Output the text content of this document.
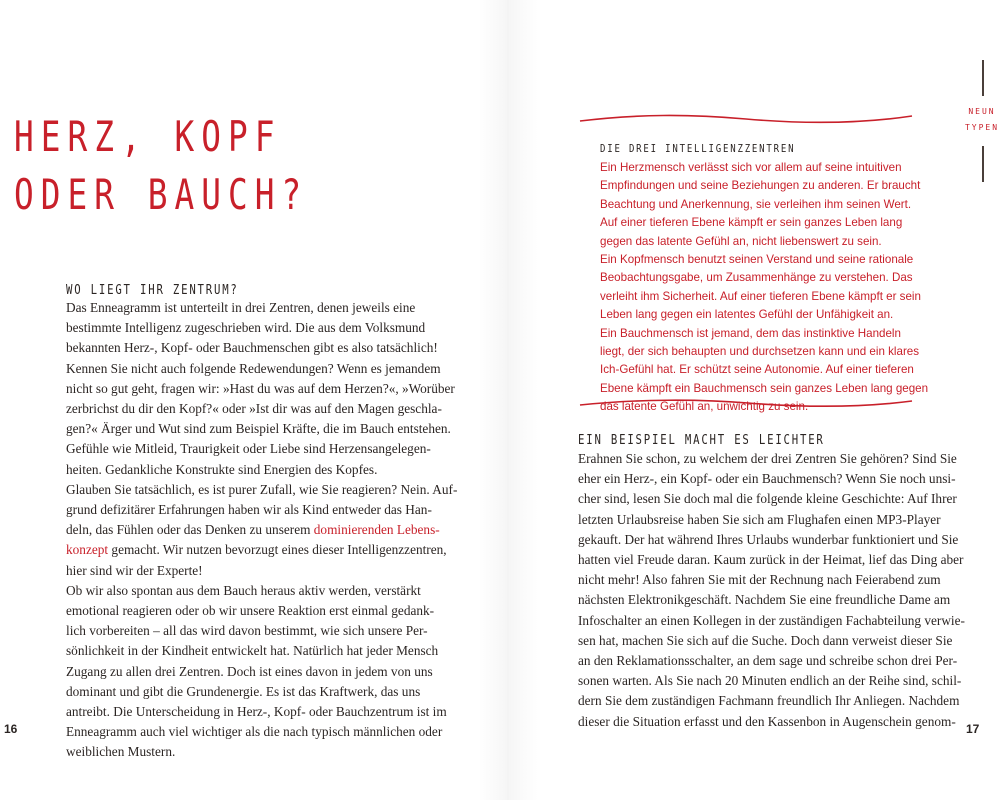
HERZ, KOPF
ODER BAUCH?
WO LIEGT IHR ZENTRUM?
Das Enneagramm ist unterteilt in drei Zentren, denen jeweils eine
bestimmte Intelligenz zugeschrieben wird. Die aus dem Volksmund
bekannten Herz-, Kopf- oder Bauchmenschen gibt es also tatsächlich!
Kennen Sie nicht auch folgende Redewendungen? Wenn es jemandem
nicht so gut geht, fragen wir: »Hast du was auf dem Herzen?«, »Worüber
zerbrichst du dir den Kopf?« oder »Ist dir was auf den Magen geschla-
gen?« Ärger und Wut sind zum Beispiel Kräfte, die im Bauch entstehen.
Gefühle wie Mitleid, Traurigkeit oder Liebe sind Herzensangelegen-
heiten. Gedankliche Konstrukte sind Energien des Kopfes.
Glauben Sie tatsächlich, es ist purer Zufall, wie Sie reagieren? Nein. Auf-
grund defizitärer Erfahrungen haben wir als Kind entweder das Han-
deln, das Fühlen oder das Denken zu unserem dominierenden Lebens-
konzept gemacht. Wir nutzen bevorzugt eines dieser Intelligenzzentren,
hier sind wir der Experte!
Ob wir also spontan aus dem Bauch heraus aktiv werden, verstärkt
emotional reagieren oder ob wir unsere Reaktion erst einmal gedank-
lich vorbereiten – all das wird davon bestimmt, wie sich unsere Per-
sönlichkeit in der Kindheit entwickelt hat. Natürlich hat jeder Mensch
Zugang zu allen drei Zentren. Doch ist eines davon in jedem von uns
dominant und gibt die Grundenergie. Es ist das Kraftwerk, das uns
antreibt. Die Unterscheidung in Herz-, Kopf- oder Bauchzentrum ist im
Enneagramm auch viel wichtiger als die nach typisch männlichen oder
weiblichen Mustern.
16
DIE DREI INTELLIGENZZENTREN
Ein Herzmensch verlässt sich vor allem auf seine intuitiven
Empfindungen und seine Beziehungen zu anderen. Er braucht
Beachtung und Anerkennung, sie verleihen ihm seinen Wert.
Auf einer tieferen Ebene kämpft er sein ganzes Leben lang
gegen das latente Gefühl an, nicht liebenswert zu sein.
Ein Kopfmensch benutzt seinen Verstand und seine rationale
Beobachtungsgabe, um Zusammenhänge zu verstehen. Das
verleiht ihm Sicherheit. Auf einer tieferen Ebene kämpft er sein
Leben lang gegen ein latentes Gefühl der Unfähigkeit an.
Ein Bauchmensch ist jemand, dem das instinktive Handeln
liegt, der sich behaupten und durchsetzen kann und ein klares
Ich-Gefühl hat. Er schützt seine Autonomie. Auf einer tieferen
Ebene kämpft ein Bauchmensch sein ganzes Leben lang gegen
das latente Gefühl an, unwichtig zu sein.
EIN BEISPIEL MACHT ES LEICHTER
Erahnen Sie schon, zu welchem der drei Zentren Sie gehören? Sind Sie
eher ein Herz-, ein Kopf- oder ein Bauchmensch? Wenn Sie noch unsi-
cher sind, lesen Sie doch mal die folgende kleine Geschichte: Auf Ihrer
letzten Urlaubsreise haben Sie sich am Flughafen einen MP3-Player
gekauft. Der hat während Ihres Urlaubs wunderbar funktioniert und Sie
hatten viel Freude daran. Kaum zurück in der Heimat, lief das Ding aber
nicht mehr! Also fahren Sie mit der Rechnung nach Feierabend zum
nächsten Elektronikgeschäft. Nachdem Sie eine freundliche Dame am
Infoschalter an einen Kollegen in der zuständigen Fachabteilung verwie-
sen hat, machen Sie sich auf die Suche. Doch dann verweist dieser Sie
an den Reklamationsschalter, an dem sage und schreibe schon drei Per-
sonen warten. Als Sie nach 20 Minuten endlich an der Reihe sind, schil-
dern Sie dem zuständigen Fachmann freundlich Ihr Anliegen. Nachdem
dieser die Situation erfasst und den Kassenbon in Augenschein genom-
17
NEUN
TYPEN
